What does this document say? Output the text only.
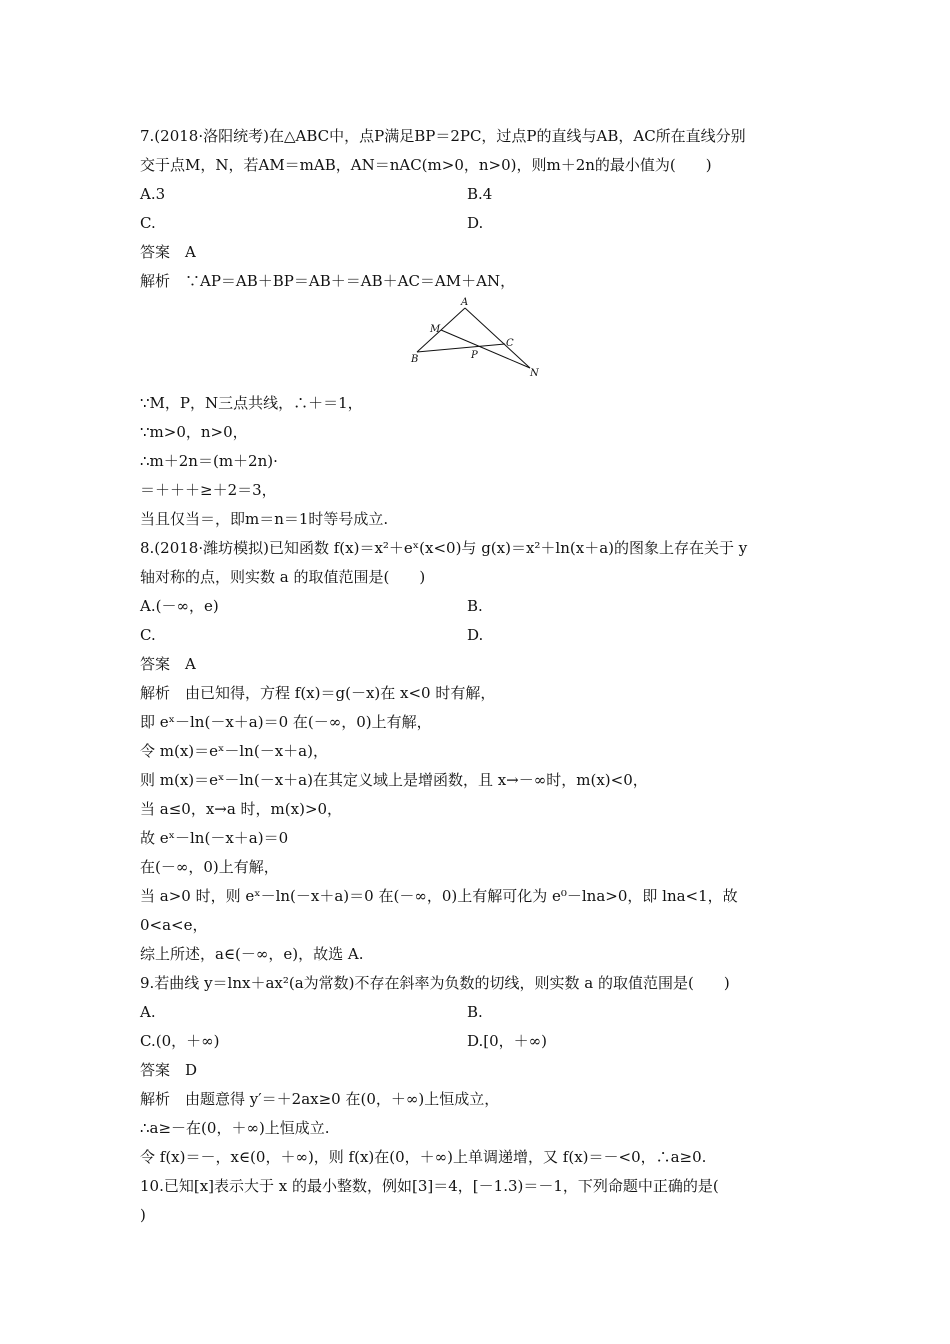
7.(2018·洛阳统考)在△ABC中，点P满足BP＝2PC，过点P的直线与AB，AC所在直线分别
交于点M，N，若AM＝mAB，AN＝nAC(m>0，n>0)，则m＋2n的最小值为(　　)
A.3	B.4
C.	D.
答案　A
解析　∵AP＝AB＋BP＝AB＋＝AB＋AC＝AM＋AN，
A
M
C
B	P
N
∵M，P，N三点共线，∴＋＝1，
∵m>0，n>0，
∴m＋2n＝(m＋2n)·
＝＋＋＋≥＋2＝3，
当且仅当＝，即m＝n＝1时等号成立.
8.(2018·潍坊模拟)已知函数 f(x)＝x²＋eˣ(x<0)与 g(x)＝x²＋ln(x＋a)的图象上存在关于 y
轴对称的点，则实数 a 的取值范围是(　　)
A.(－∞，e)	B.
C.	D.
答案　A
解析　由已知得，方程 f(x)＝g(－x)在 x<0 时有解，
即 eˣ－ln(－x＋a)＝0 在(－∞，0)上有解，
令 m(x)＝eˣ－ln(－x＋a)，
则 m(x)＝eˣ－ln(－x＋a)在其定义域上是增函数，且 x→－∞时，m(x)<0，
当 a≤0，x→a 时，m(x)>0，
故 eˣ－ln(－x＋a)＝0
在(－∞，0)上有解，
当 a>0 时，则 eˣ－ln(－x＋a)＝0 在(－∞，0)上有解可化为 e⁰－lna>0，即 lna<1，故
0<a<e，
综上所述，a∈(－∞，e)，故选 A.
9.若曲线 y＝lnx＋ax²(a为常数)不存在斜率为负数的切线，则实数 a 的取值范围是(　　)
A.	B.
C.(0，＋∞)	D.[0，＋∞)
答案　D
解析　由题意得 y′＝＋2ax≥0 在(0，＋∞)上恒成立，
∴a≥－在(0，＋∞)上恒成立.
令 f(x)＝－，x∈(0，＋∞)，则 f(x)在(0，＋∞)上单调递增，又 f(x)＝－<0，∴a≥0.
10.已知[x]表示大于 x 的最小整数，例如[3]＝4，[－1.3)＝－1，下列命题中正确的是(
)
